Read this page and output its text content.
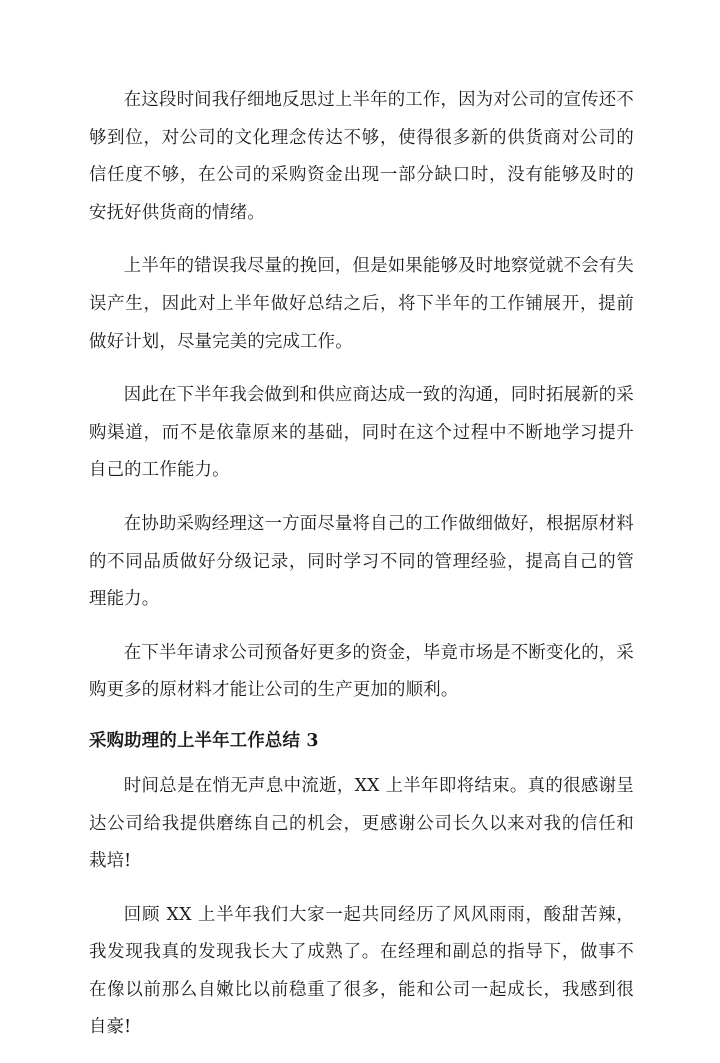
在这段时间我仔细地反思过上半年的工作，因为对公司的宣传还不够到位，对公司的文化理念传达不够，使得很多新的供货商对公司的信任度不够，在公司的采购资金出现一部分缺口时，没有能够及时的安抚好供货商的情绪。

上半年的错误我尽量的挽回，但是如果能够及时地察觉就不会有失误产生，因此对上半年做好总结之后，将下半年的工作铺展开，提前做好计划，尽量完美的完成工作。

因此在下半年我会做到和供应商达成一致的沟通，同时拓展新的采购渠道，而不是依靠原来的基础，同时在这个过程中不断地学习提升自己的工作能力。

在协助采购经理这一方面尽量将自己的工作做细做好，根据原材料的不同品质做好分级记录，同时学习不同的管理经验，提高自己的管理能力。

在下半年请求公司预备好更多的资金，毕竟市场是不断变化的，采购更多的原材料才能让公司的生产更加的顺利。

采购助理的上半年工作总结 3

时间总是在悄无声息中流逝，XX 上半年即将结束。真的很感谢呈达公司给我提供磨练自己的机会，更感谢公司长久以来对我的信任和栽培!

回顾 XX 上半年我们大家一起共同经历了风风雨雨，酸甜苦辣，我发现我真的发现我长大了成熟了。在经理和副总的指导下，做事不在像以前那么自嫩比以前稳重了很多，能和公司一起成长，我感到很自豪!
